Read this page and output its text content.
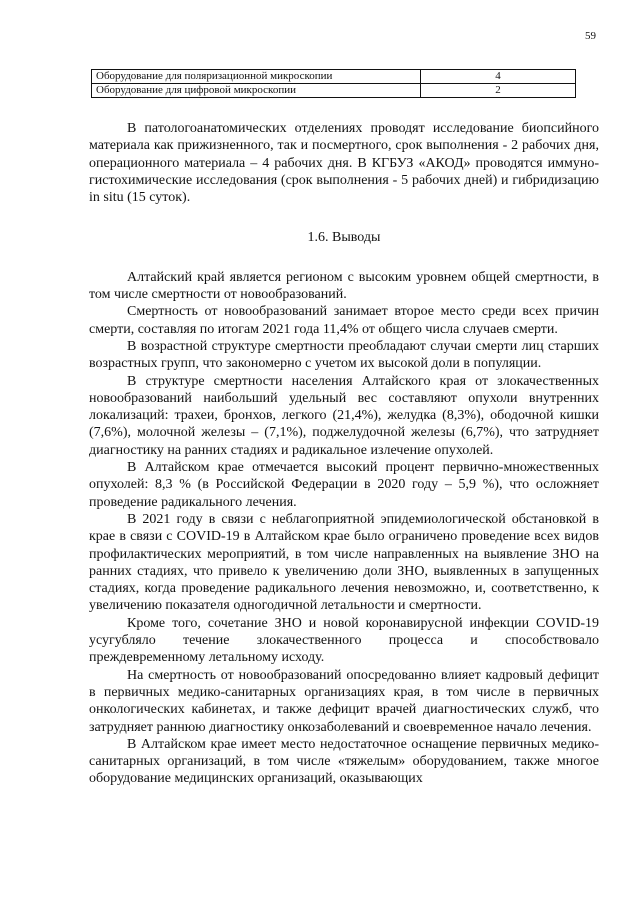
59
Оборудование для поляризационной микроскопии	4
Оборудование для цифровой микроскопии	2

В патологоанатомических отделениях проводят исследование биопсийного материала как прижизненного, так и посмертного, срок выполнения - 2 рабочих дня, операционного материала – 4 рабочих дня. В КГБУЗ «АКОД» проводятся иммуно-гистохимические исследования (срок выполнения - 5 рабочих дней) и гибридизацию in situ (15 суток).

1.6. Выводы

Алтайский край является регионом с высоким уровнем общей смертности, в том числе смертности от новообразований.

Смертность от новообразований занимает второе место среди всех причин смерти, составляя по итогам 2021 года 11,4% от общего числа случаев смерти.

В возрастной структуре смертности преобладают случаи смерти лиц старших возрастных групп, что закономерно с учетом их высокой доли в популяции.

В структуре смертности населения Алтайского края от злокачественных новообразований наибольший удельный вес составляют опухоли внутренних локализаций: трахеи, бронхов, легкого (21,4%), желудка (8,3%), ободочной кишки (7,6%), молочной железы – (7,1%), поджелудочной железы (6,7%), что затрудняет диагностику на ранних стадиях и радикальное излечение опухолей.

В Алтайском крае отмечается высокий процент первично-множественных опухолей: 8,3 % (в Российской Федерации в 2020 году – 5,9 %), что осложняет проведение радикального лечения.

В 2021 году в связи с неблагоприятной эпидемиологической обстановкой в крае в связи с COVID-19 в Алтайском крае было ограничено проведение всех видов профилактических мероприятий, в том числе направленных на выявление ЗНО на ранних стадиях, что привело к увеличению доли ЗНО, выявленных в запущенных стадиях, когда проведение радикального лечения невозможно, и, соответственно, к увеличению показателя одногодичной летальности и смертности.

Кроме того, сочетание ЗНО и новой коронавирусной инфекции COVID-19 усугубляло течение злокачественного процесса и способствовало преждевременному летальному исходу.

На смертность от новообразований опосредованно влияет кадровый дефицит в первичных медико-санитарных организациях края, в том числе в первичных онкологических кабинетах, и также дефицит врачей диагностических служб, что затрудняет раннюю диагностику онкозаболеваний и своевременное начало лечения.

В Алтайском крае имеет место недостаточное оснащение первичных медико-санитарных организаций, в том числе «тяжелым» оборудованием, также многое оборудование медицинских организаций, оказывающих
